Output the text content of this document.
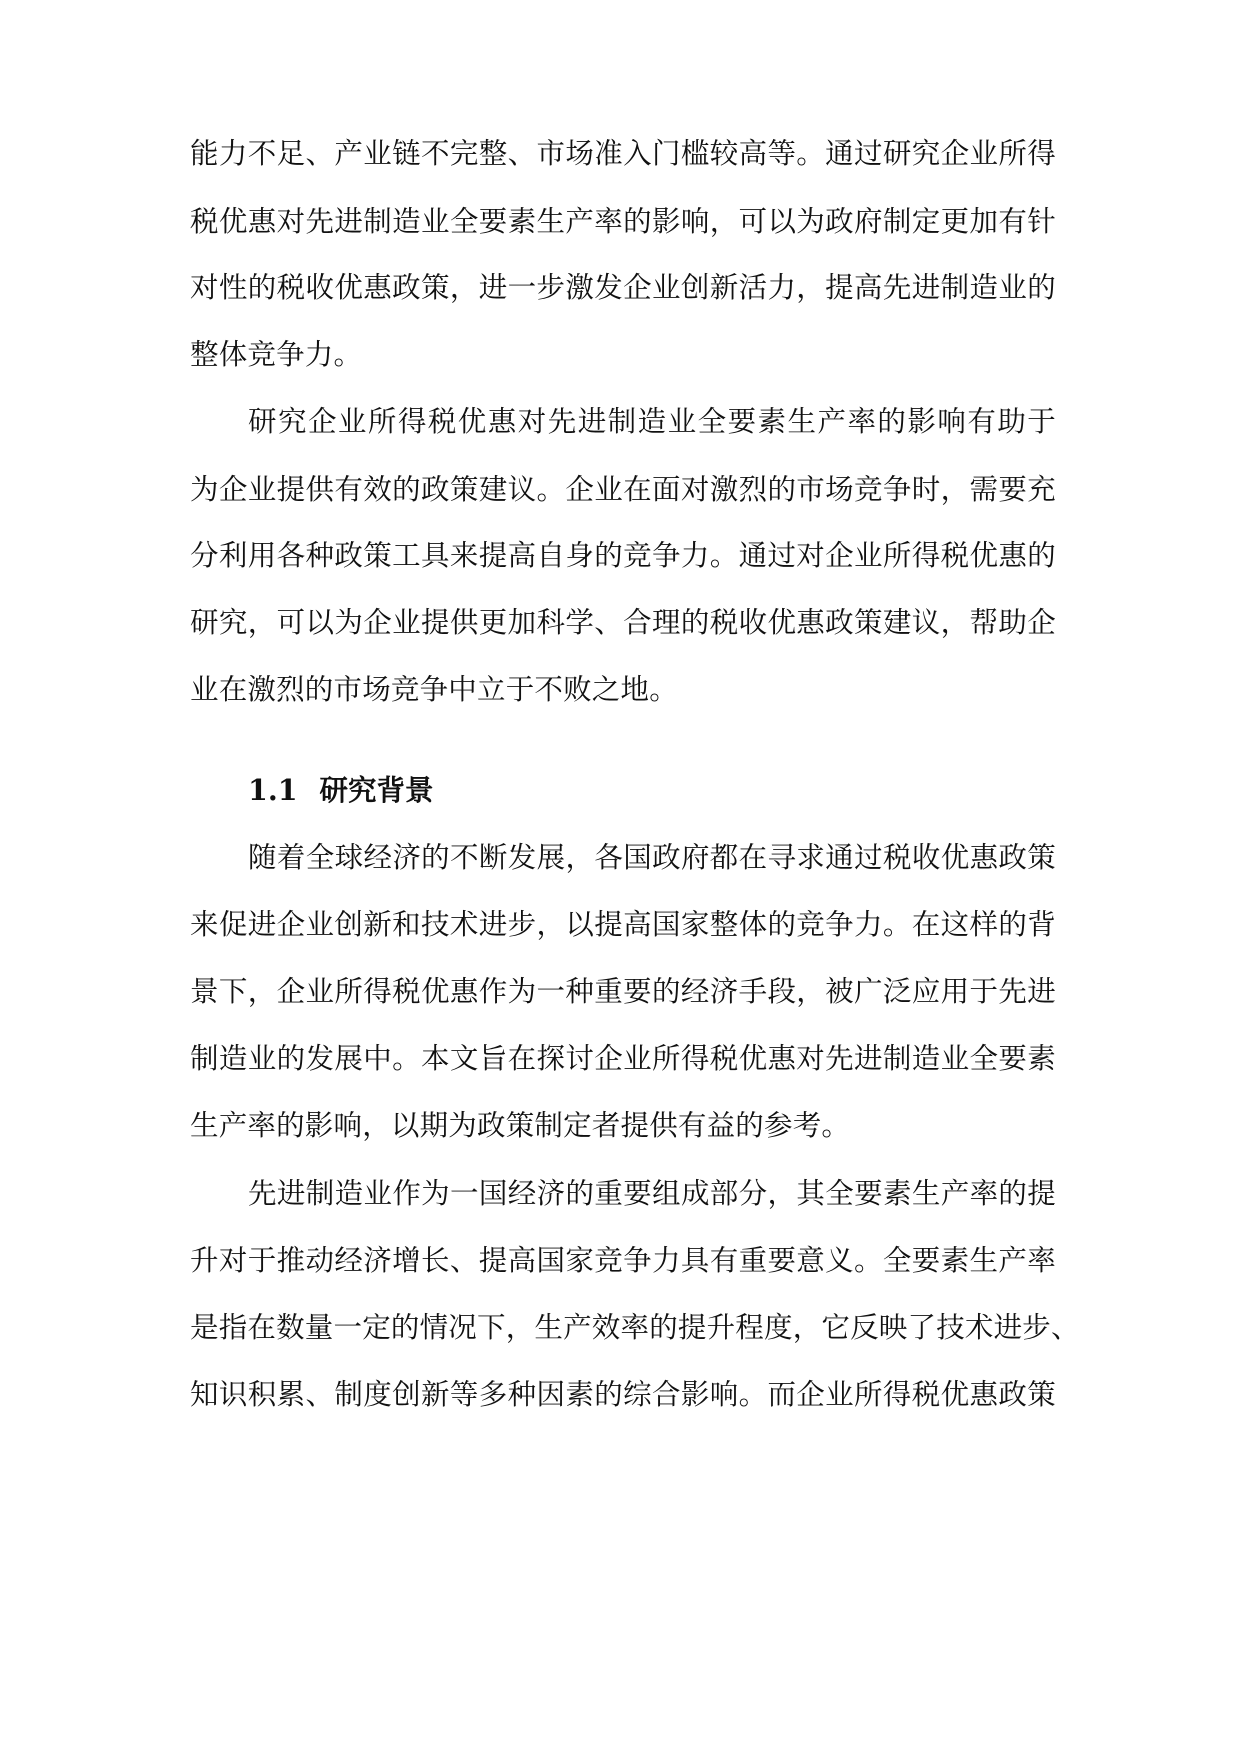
能力不足、产业链不完整、市场准入门槛较高等。通过研究企业所得
税优惠对先进制造业全要素生产率的影响，可以为政府制定更加有针
对性的税收优惠政策，进一步激发企业创新活力，提高先进制造业的
整体竞争力。
研究企业所得税优惠对先进制造业全要素生产率的影响有助于
为企业提供有效的政策建议。企业在面对激烈的市场竞争时，需要充
分利用各种政策工具来提高自身的竞争力。通过对企业所得税优惠的
研究，可以为企业提供更加科学、合理的税收优惠政策建议，帮助企
业在激烈的市场竞争中立于不败之地。
1.1 研究背景
随着全球经济的不断发展，各国政府都在寻求通过税收优惠政策
来促进企业创新和技术进步，以提高国家整体的竞争力。在这样的背
景下，企业所得税优惠作为一种重要的经济手段，被广泛应用于先进
制造业的发展中。本文旨在探讨企业所得税优惠对先进制造业全要素
生产率的影响，以期为政策制定者提供有益的参考。
先进制造业作为一国经济的重要组成部分，其全要素生产率的提
升对于推动经济增长、提高国家竞争力具有重要意义。全要素生产率
是指在数量一定的情况下，生产效率的提升程度，它反映了技术进步、
知识积累、制度创新等多种因素的综合影响。而企业所得税优惠政策
